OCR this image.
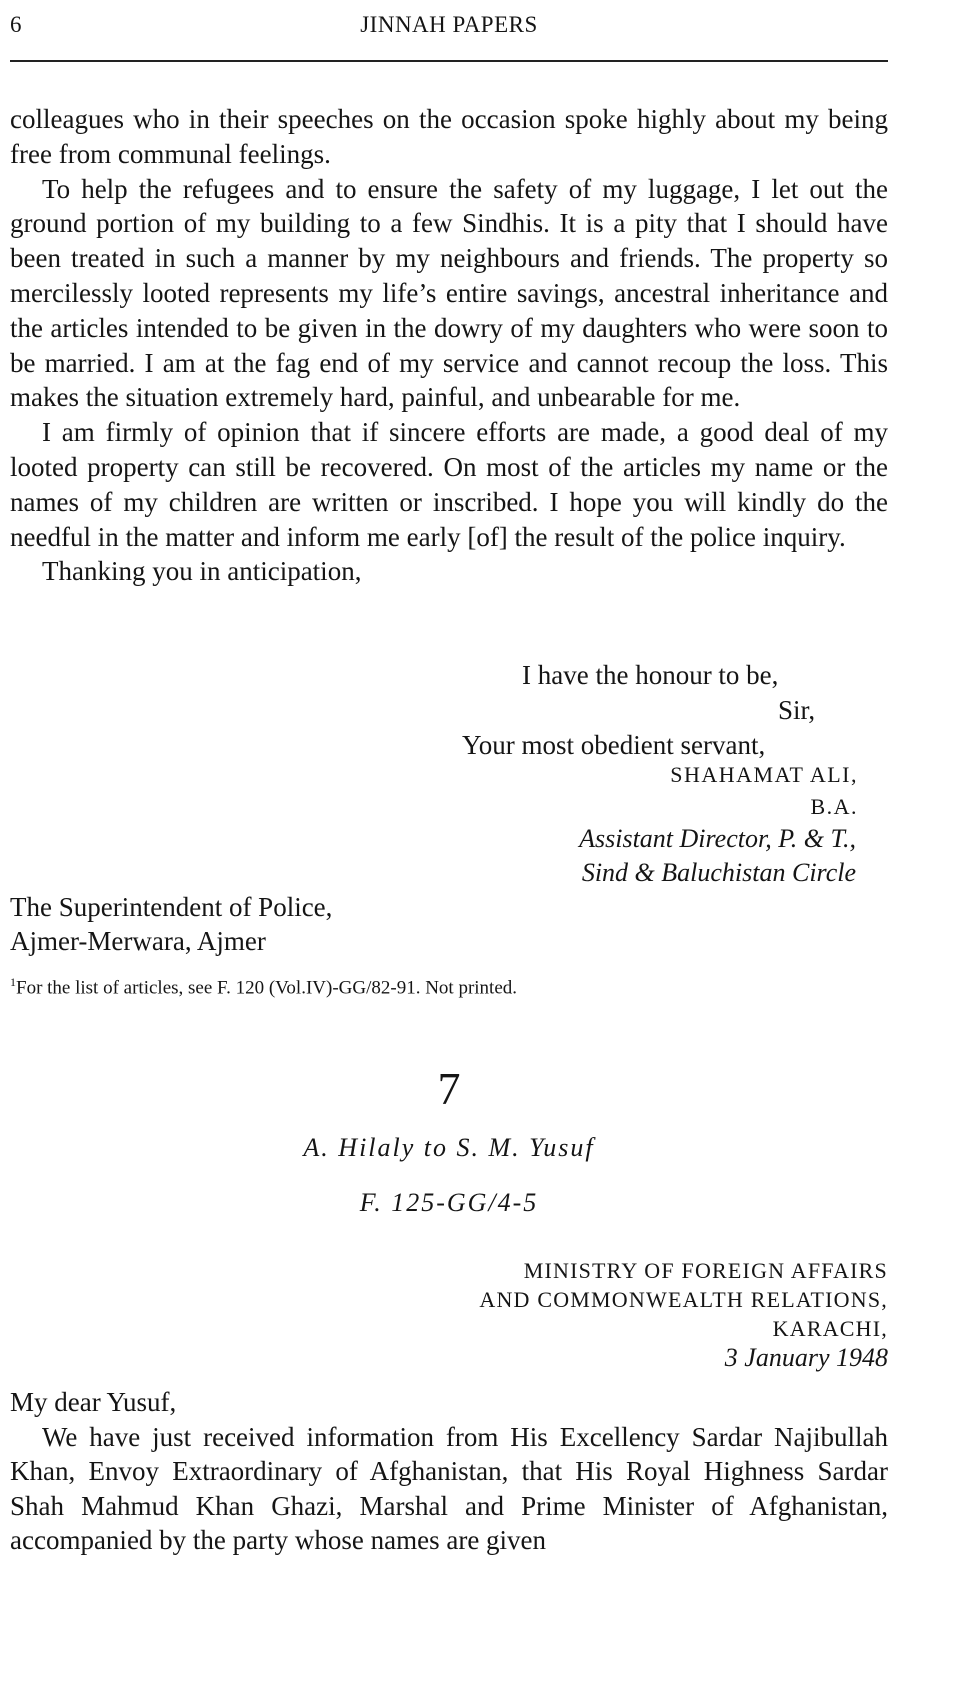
6	JINNAH PAPERS

colleagues who in their speeches on the occasion spoke highly about my being free from communal feelings.

To help the refugees and to ensure the safety of my luggage, I let out the ground portion of my building to a few Sindhis. It is a pity that I should have been treated in such a manner by my neighbours and friends. The property so mercilessly looted represents my life’s entire savings, ancestral inheritance and the articles intended to be given in the dowry of my daughters who were soon to be married. I am at the fag end of my service and cannot recoup the loss. This makes the situation extremely hard, painful, and unbearable for me.

I am firmly of opinion that if sincere efforts are made, a good deal of my looted property can still be recovered. On most of the articles my name or the names of my children are written or inscribed. I hope you will kindly do the needful in the matter and inform me early [of] the result of the police inquiry.

Thanking you in anticipation,

I have the honour to be,
Sir,
Your most obedient servant,
SHAHAMAT ALI,
B.A.
Assistant Director, P. & T.,
Sind & Baluchistan Circle
The Superintendent of Police,
Ajmer-Merwara, Ajmer
$^1$For the list of articles, see F. 120 (Vol.IV)-GG/82-91. Not printed.
7
A. Hilaly to S. M. Yusuf
F. 125-GG/4-5
MINISTRY OF FOREIGN AFFAIRS
AND COMMONWEALTH RELATIONS,
KARACHI,
3 January 1948
My dear Yusuf,

We have just received information from His Excellency Sardar Najibullah Khan, Envoy Extraordinary of Afghanistan, that His Royal Highness Sardar Shah Mahmud Khan Ghazi, Marshal and Prime Minister of Afghanistan, accompanied by the party whose names are given
